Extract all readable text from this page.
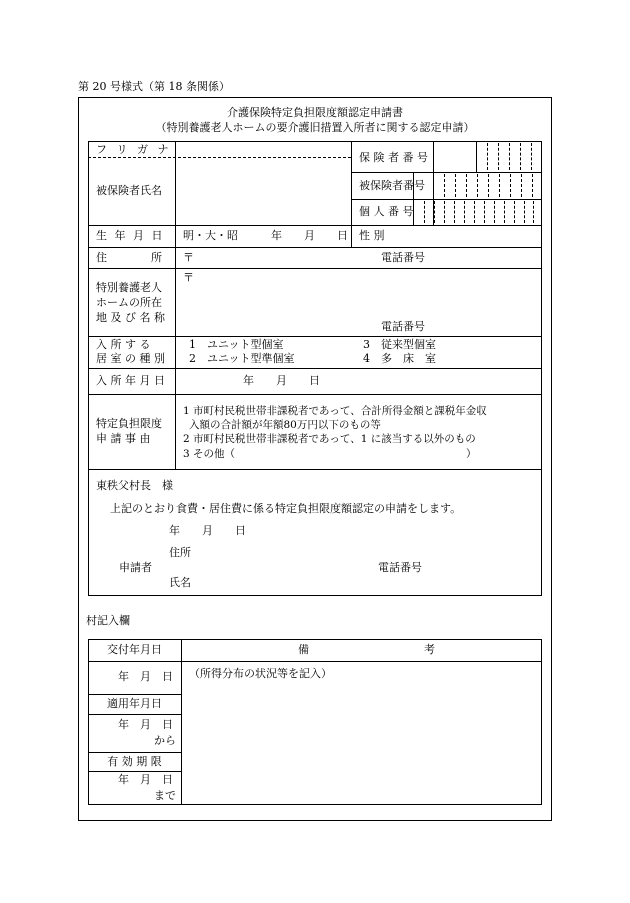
第 20 号様式（第 18 条関係）
介護保険特定負担限度額認定申請書
（特別養護老人ホームの要介護旧措置入所者に関する認定申請）
フ リ ガ ナ
被保険者氏名
保 険 者 番 号
被保険者番号
個 人 番 号
生 年 月 日 明・大・昭　　　年　　月　　日 性 別
住　　　　所 〒	電話番号
特別養護老人
ホームの所在
地 及 び 名 称
〒
電話番号
入 所 す る
居 室 の 種 別
1　ユニット型個室	3　従来型個室
2　ユニット型準個室	4　多　床　室
入 所 年 月 日	年　　月　　日
特定負担限度
申 請 事 由
1 市町村民税世帯非課税者であって、合計所得金額と課税年金収
入額の合計額が年額80万円以下のもの等
2 市町村民税世帯非課税者であって、1 に該当する以外のもの
3 その他（　　　　　　　　　　　　　　　　　　　　　　）
東秩父村長　様
上記のとおり食費・居住費に係る特定負担限度額認定の申請をします。
年　　月　　日
住所
申請者	電話番号
氏名
村記入欄
交付年月日	備	考
年　月　日 （所得分布の状況等を記入）
適用年月日
年　月　日
から
有 効 期 限
年　月　日
まで
